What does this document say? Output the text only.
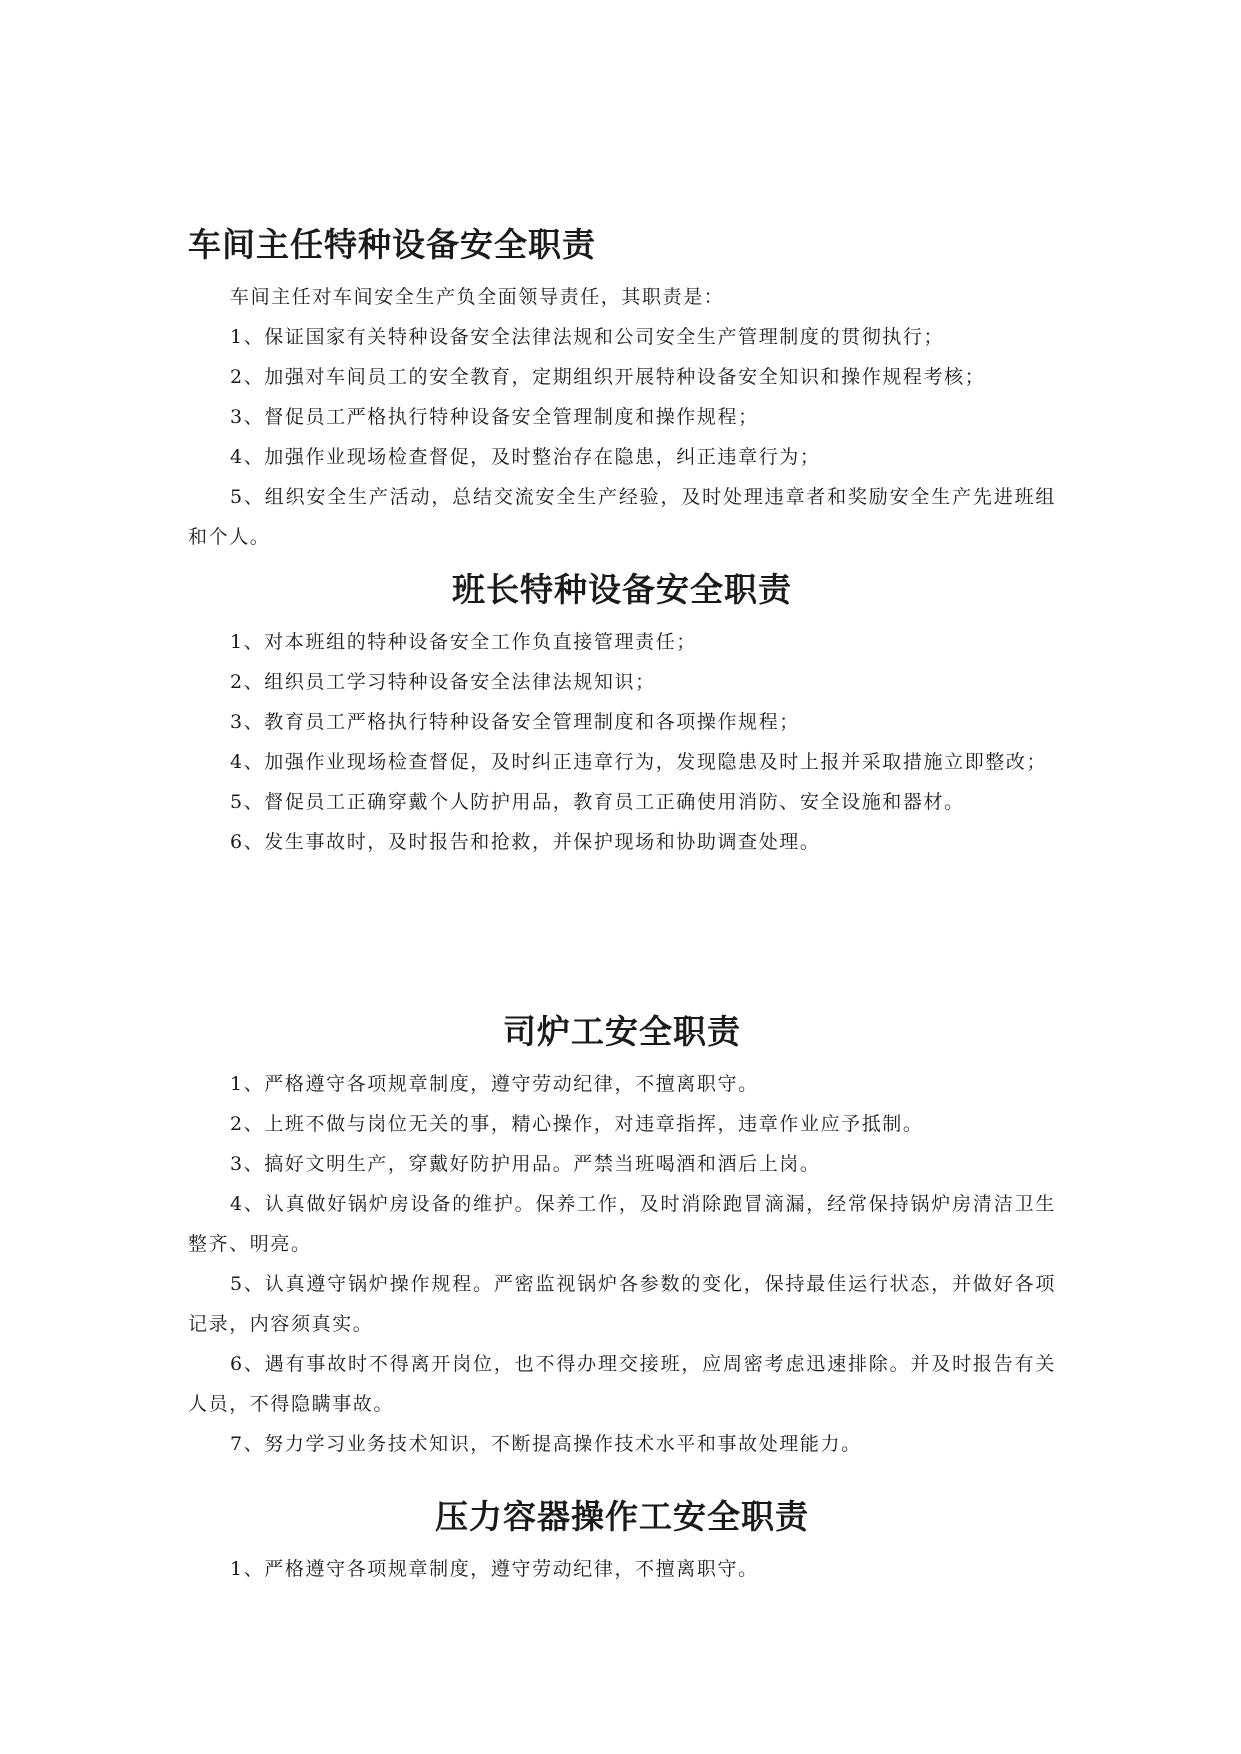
车间主任特种设备安全职责

车间主任对车间安全生产负全面领导责任，其职责是：

1、保证国家有关特种设备安全法律法规和公司安全生产管理制度的贯彻执行；

2、加强对车间员工的安全教育，定期组织开展特种设备安全知识和操作规程考核；

3、督促员工严格执行特种设备安全管理制度和操作规程；

4、加强作业现场检查督促，及时整治存在隐患，纠正违章行为；

5、组织安全生产活动，总结交流安全生产经验，及时处理违章者和奖励安全生产先进班组和个人。

班长特种设备安全职责

1、对本班组的特种设备安全工作负直接管理责任；

2、组织员工学习特种设备安全法律法规知识；

3、教育员工严格执行特种设备安全管理制度和各项操作规程；

4、加强作业现场检查督促，及时纠正违章行为，发现隐患及时上报并采取措施立即整改；

5、督促员工正确穿戴个人防护用品，教育员工正确使用消防、安全设施和器材。

6、发生事故时，及时报告和抢救，并保护现场和协助调查处理。

司炉工安全职责

1、严格遵守各项规章制度，遵守劳动纪律，不擅离职守。

2、上班不做与岗位无关的事，精心操作，对违章指挥，违章作业应予抵制。

3、搞好文明生产，穿戴好防护用品。严禁当班喝酒和酒后上岗。

4、认真做好锅炉房设备的维护。保养工作，及时消除跑冒滴漏，经常保持锅炉房清洁卫生整齐、明亮。

5、认真遵守锅炉操作规程。严密监视锅炉各参数的变化，保持最佳运行状态，并做好各项记录，内容须真实。

6、遇有事故时不得离开岗位，也不得办理交接班，应周密考虑迅速排除。并及时报告有关人员，不得隐瞒事故。

7、努力学习业务技术知识，不断提高操作技术水平和事故处理能力。

压力容器操作工安全职责

1、严格遵守各项规章制度，遵守劳动纪律，不擅离职守。
